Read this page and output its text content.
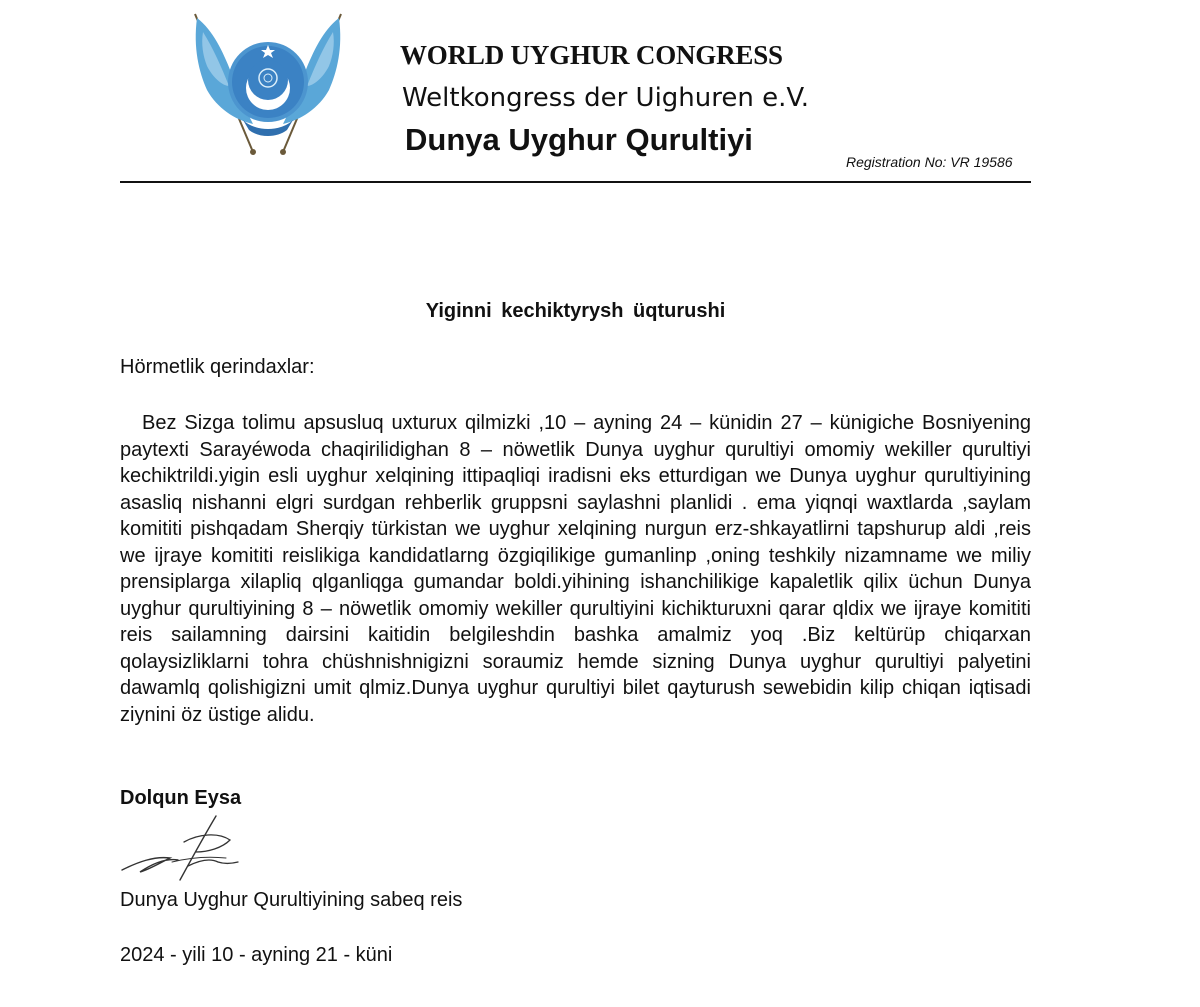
WORLD UYGHUR CONGRESS
Weltkongress der Uighuren e.V.
Dunya Uyghur Qurultiyi
Registration No: VR 19586
Yiginni kechiktyrysh üqturushi
Hörmetlik qerindaxlar:

Bez Sizga tolimu apsusluq uxturux qilmizki ,10 – ayning 24 – künidin 27 – künigiche Bosniyening paytexti Sarayéwoda chaqirilidighan 8 – nöwetlik Dunya uyghur qurultiyi omomiy wekiller qurultiyi kechiktrildi.yigin esli uyghur xelqining ittipaqliqi iradisni eks etturdigan we Dunya uyghur qurultiyining asasliq nishanni elgri surdgan rehberlik gruppsni saylashni planlidi . ema yiqnqi waxtlarda ,saylam komititi pishqadam Sherqiy türkistan we uyghur xelqining nurgun erz-shkayatlirni tapshurup aldi ,reis we ijraye komititi reislikiga kandidatlarng özgiqilikige gumanlinp ,oning teshkily nizamname we miliy prensiplarga xilapliq qlganliqga gumandar boldi.yihining ishanchilikige kapaletlik qilix üchun Dunya uyghur qurultiyining 8 – nöwetlik omomiy wekiller qurultiyini kichikturuxni qarar qldix we ijraye komititi reis sailamning dairsini kaitidin belgileshdin bashka amalmiz yoq .Biz keltürüp chiqarxan qolaysizliklarni tohra chüshnishnigizni soraumiz hemde sizning Dunya uyghur qurultiyi palyetini dawamlq qolishigizni umit qlmiz.Dunya uyghur qurultiyi bilet qayturush sewebidin kilip chiqan iqtisadi ziynini öz üstige alidu.

Dolqun Eysa
Dunya Uyghur Qurultiyining sabeq reis
2024 - yili 10 - ayning 21 - küni
